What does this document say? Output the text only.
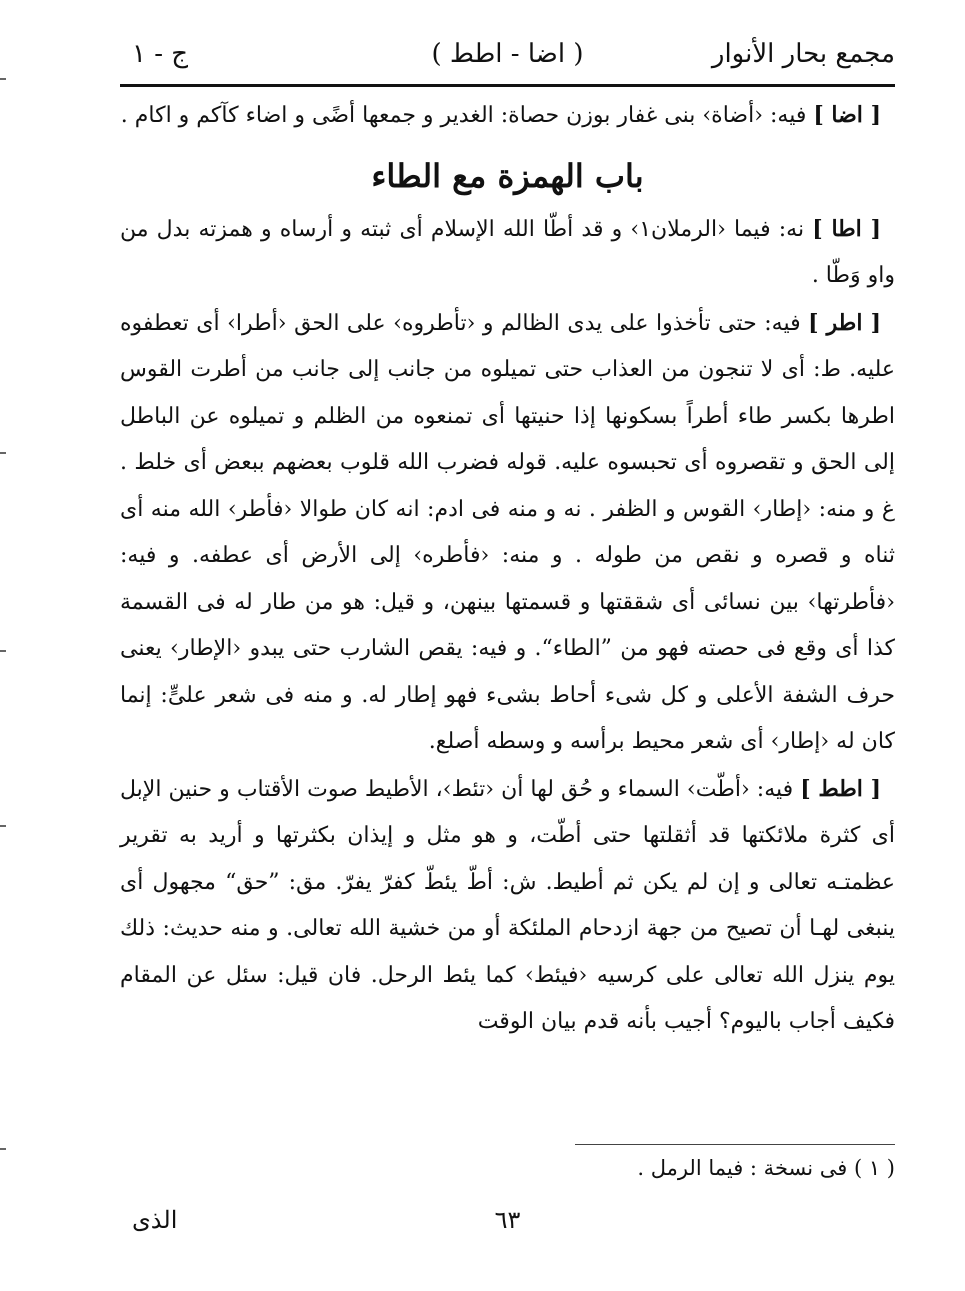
مجمع بحار الأنوار
( اضا - اطط )
ج - ١

[ اضا ] فيه: ‹أضاة› بنى غفار بوزن حصاة: الغدير و جمعها أضًى و اضاء كآكم و اكام .

باب الهمزة مع الطاء

[ اطا ] نه: فيما ‹الرملان١› و قد أطّا الله الإسلام أى ثبته و أرساه و همزته بدل من واو وَطّا .

[ اطر ] فيه: حتى تأخذوا على يدى الظالم و ‹تأطروه› على الحق ‹أطرا› أى تعطفوه عليه. ط: أى لا تنجون من العذاب حتى تميلوه من جانب إلى جانب من أطرت القوس اطرها بكسر طاء أطراً بسكونها إذا حنيتها أى تمنعوه من الظلم و تميلوه عن الباطل إلى الحق و تقصروه أى تحبسوه عليه. قوله فضرب الله قلوب بعضهم ببعض أى خلط . غ و منه: ‹إطار› القوس و الظفر . نه و منه فى ادم: انه كان طوالا ‹فأطر› الله منه أى ثناه و قصره و نقص من طوله . و منه: ‹فأطره› إلى الأرض أى عطفه. و فيه: ‹فأطرتها› بين نسائى أى شققتها و قسمتها بينهن، و قيل: هو من طار له فى القسمة كذا أى وقع فى حصته فهو من ”الطاء“. و فيه: يقص الشارب حتى يبدو ‹الإطار› يعنى حرف الشفة الأعلى و كل شىء أحاط بشىء فهو إطار له. و منه فى شعر علىٍّ: إنما كان له ‹إطار› أى شعر محيط برأسه و وسطه أصلع.

[ اطط ] فيه: ‹أطّت› السماء و حُق لها أن ‹تئط›، الأطيط صوت الأقتاب و حنين الإبل أى كثرة ملائكتها قد أثقلتها حتى أطّت، و هو مثل و إيذان بكثرتها و أريد به تقرير عظمتـه تعالى و إن لم يكن ثم أطيط. ش: أطّ يئطّ كفرّ يفرّ. مق: ”حق“ مجهول أى ينبغى لهـا أن تصيح من جهة ازدحام الملئكة أو من خشية الله تعالى. و منه حديث: ذلك يوم ينزل الله تعالى على كرسيه ‹فيئط› كما يئط الرحل. فان قيل: سئل عن المقام فكيف أجاب باليوم؟ أجيب بأنه قدم بيان الوقت

( ١ ) فى نسخة : فيما الرمل .
٦٣
الذى
